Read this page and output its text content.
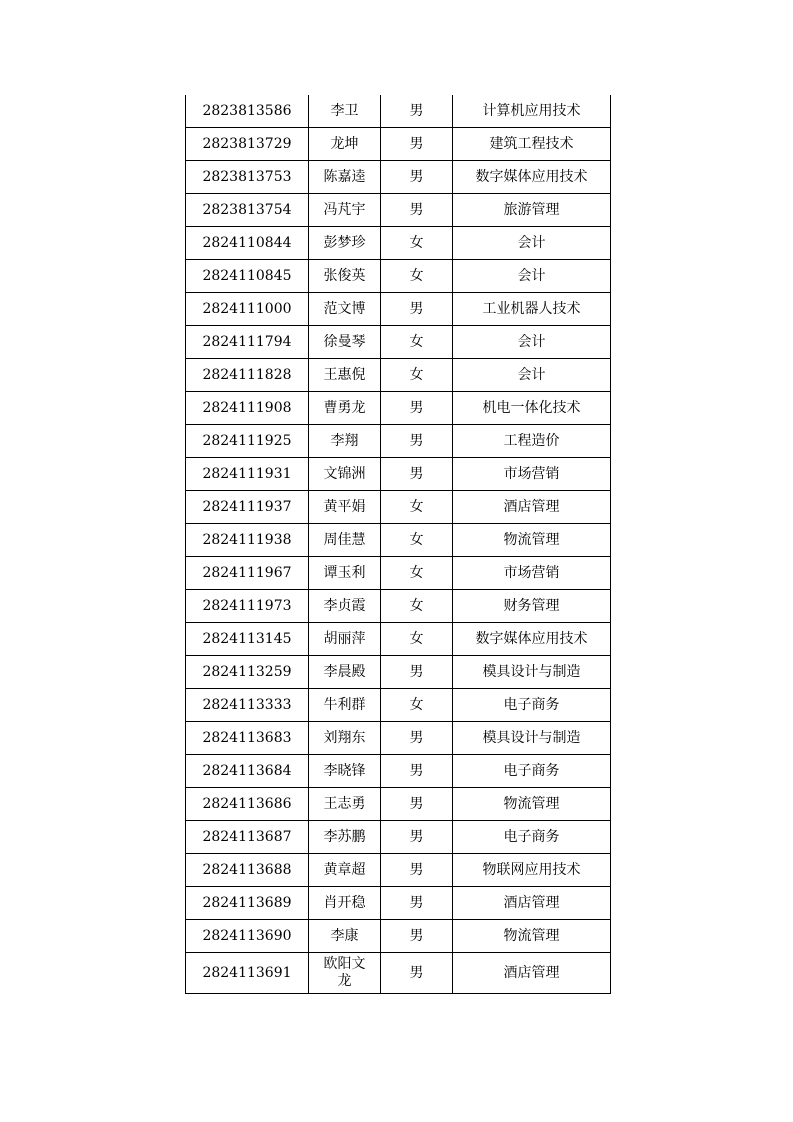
2823813586	李卫	男	计算机应用技术
2823813729	龙坤	男	建筑工程技术
2823813753	陈嘉逵	男	数字媒体应用技术
2823813754	冯芃宇	男	旅游管理
2824110844	彭梦珍	女	会计
2824110845	张俊英	女	会计
2824111000	范文博	男	工业机器人技术
2824111794	徐曼琴	女	会计
2824111828	王惠倪	女	会计
2824111908	曹勇龙	男	机电一体化技术
2824111925	李翔	男	工程造价
2824111931	文锦洲	男	市场营销
2824111937	黄平娟	女	酒店管理
2824111938	周佳慧	女	物流管理
2824111967	谭玉利	女	市场营销
2824111973	李贞霞	女	财务管理
2824113145	胡丽萍	女	数字媒体应用技术
2824113259	李晨殿	男	模具设计与制造
2824113333	牛利群	女	电子商务
2824113683	刘翔东	男	模具设计与制造
2824113684	李晓锋	男	电子商务
2824113686	王志勇	男	物流管理
2824113687	李苏鹏	男	电子商务
2824113688	黄章超	男	物联网应用技术
2824113689	肖开稳	男	酒店管理
2824113690	李康	男	物流管理
2824113691	欧阳文龙	男	酒店管理
